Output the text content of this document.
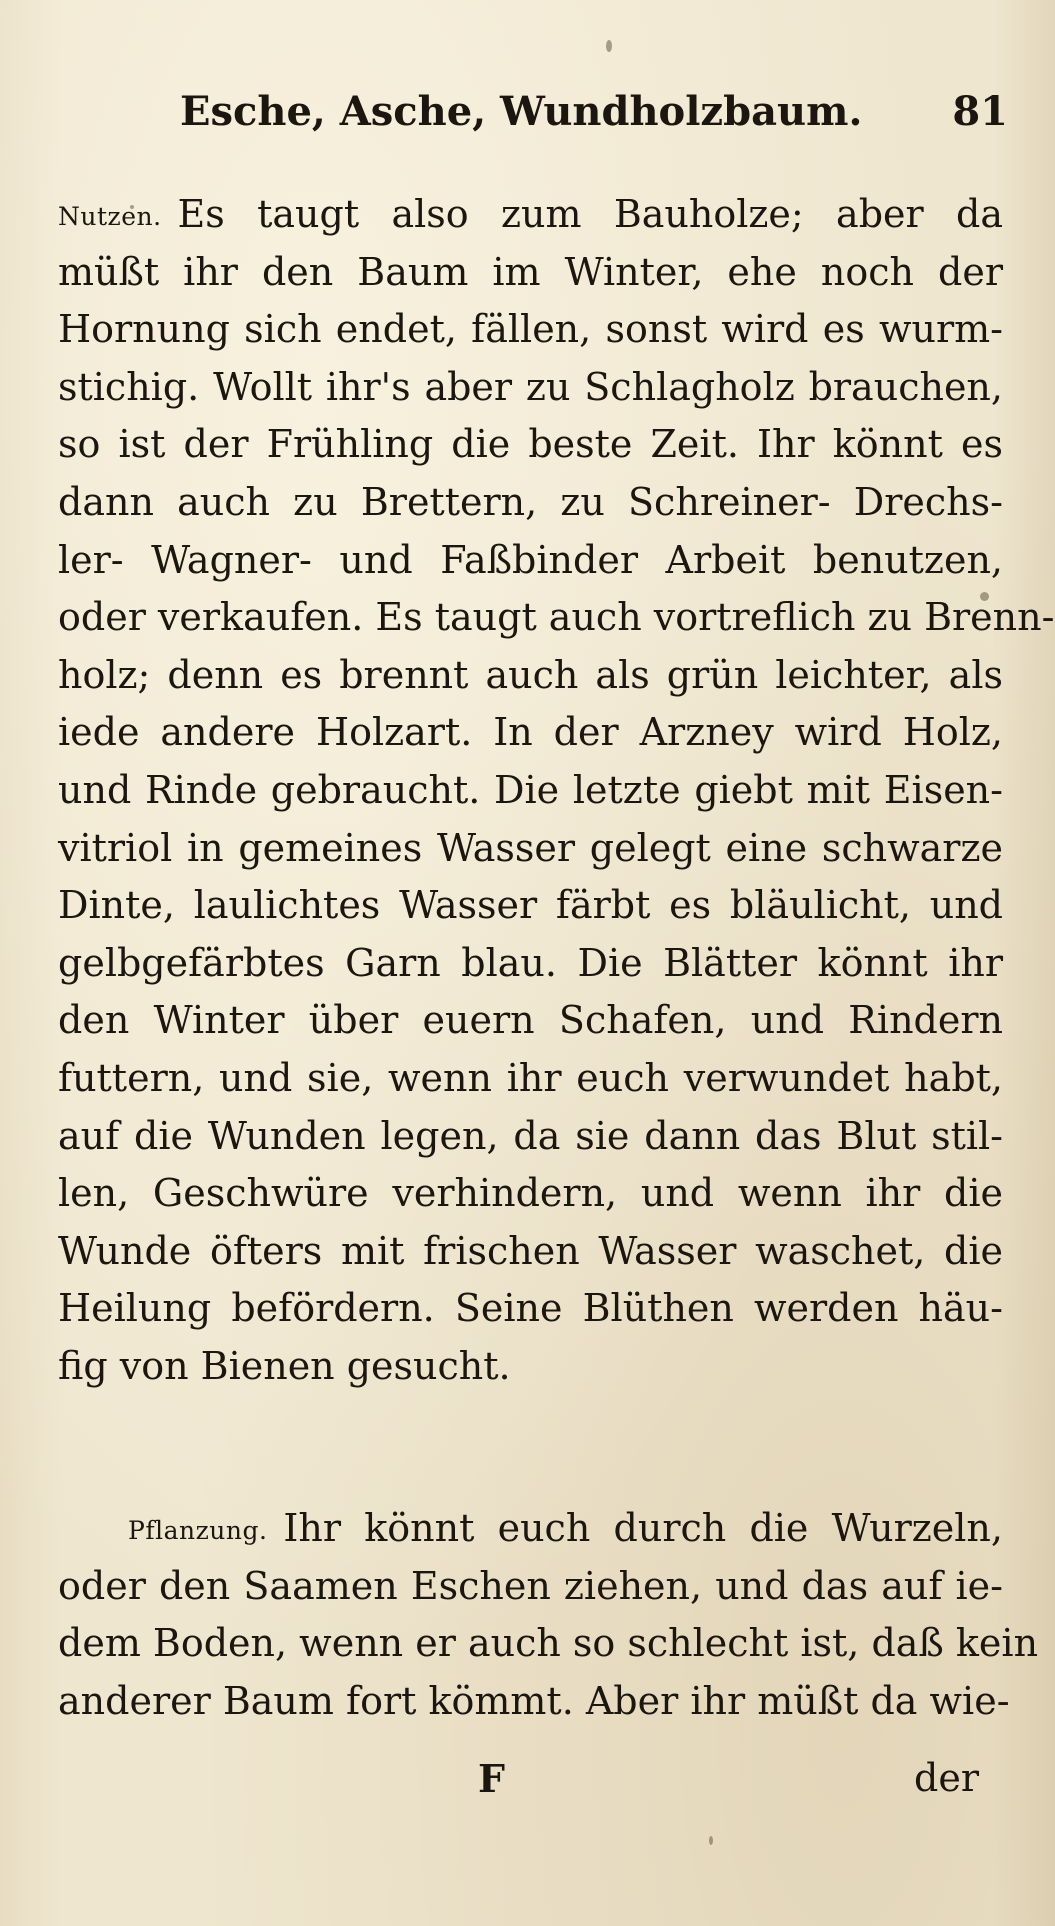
Esche, Asche, Wundholzbaum. 81
Nutzen. Es taugt also zum Bauholze; aber da
müßt ihr den Baum im Winter, ehe noch der
Hornung sich endet, fällen, sonst wird es wurm-
stichig. Wollt ihr's aber zu Schlagholz brauchen,
so ist der Frühling die beste Zeit. Ihr könnt es
dann auch zu Brettern, zu Schreiner- Drechs-
ler- Wagner- und Faßbinder Arbeit benutzen,
oder verkaufen. Es taugt auch vortreflich zu Brenn-
holz; denn es brennt auch als grün leichter, als
iede andere Holzart. In der Arzney wird Holz,
und Rinde gebraucht. Die letzte giebt mit Eisen-
vitriol in gemeines Wasser gelegt eine schwarze
Dinte, laulichtes Wasser färbt es bläulicht, und
gelbgefärbtes Garn blau. Die Blätter könnt ihr
den Winter über euern Schafen, und Rindern
futtern, und sie, wenn ihr euch verwundet habt,
auf die Wunden legen, da sie dann das Blut stil-
len, Geschwüre verhindern, und wenn ihr die
Wunde öfters mit frischen Wasser waschet, die
Heilung befördern. Seine Blüthen werden häu-
fig von Bienen gesucht.
Pflanzung. Ihr könnt euch durch die Wurzeln,
oder den Saamen Eschen ziehen, und das auf ie-
dem Boden, wenn er auch so schlecht ist, daß kein
anderer Baum fort kömmt. Aber ihr müßt da wie-
F	der
